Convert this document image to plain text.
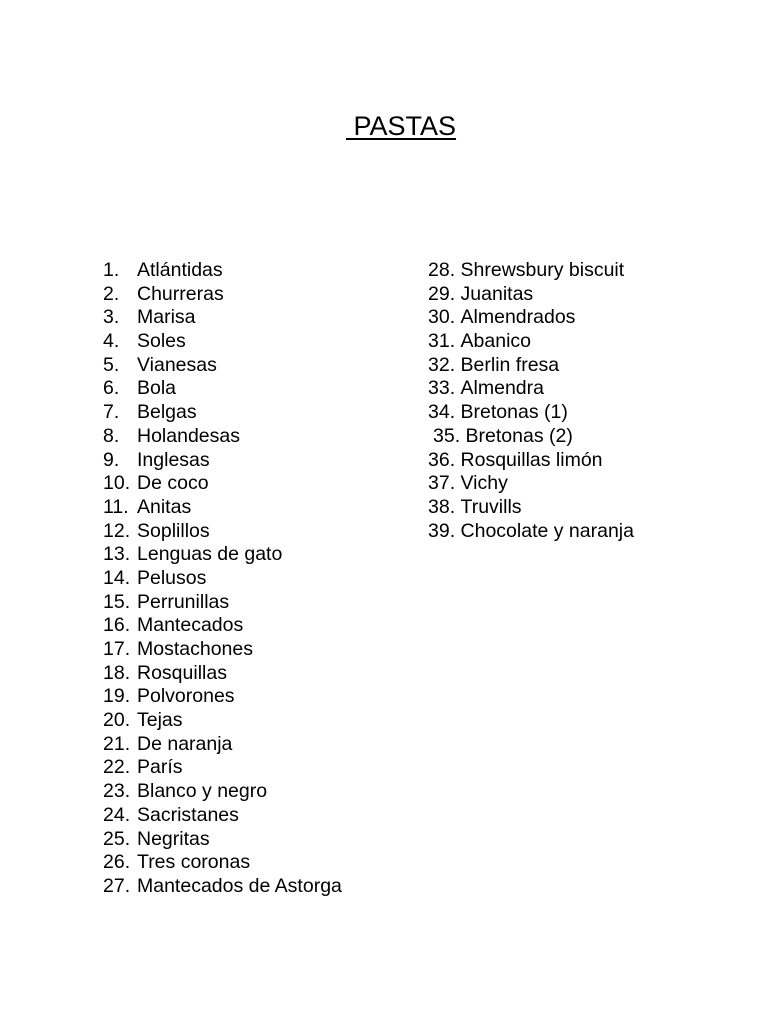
PASTAS
1. Atlántidas
2. Churreras
3. Marisa
4. Soles
5. Vianesas
6. Bola
7. Belgas
8. Holandesas
9. Inglesas
10. De coco
11. Anitas
12. Soplillos
13. Lenguas de gato
14. Pelusos
15. Perrunillas
16. Mantecados
17. Mostachones
18. Rosquillas
19. Polvorones
20. Tejas
21. De naranja
22. París
23. Blanco y negro
24. Sacristanes
25. Negritas
26. Tres coronas
27. Mantecados de Astorga
28. Shrewsbury biscuit
29. Juanitas
30. Almendrados
31. Abanico
32. Berlin fresa
33. Almendra
34. Bretonas (1)
35. Bretonas (2)
36. Rosquillas limón
37. Vichy
38. Truvills
39. Chocolate y naranja
